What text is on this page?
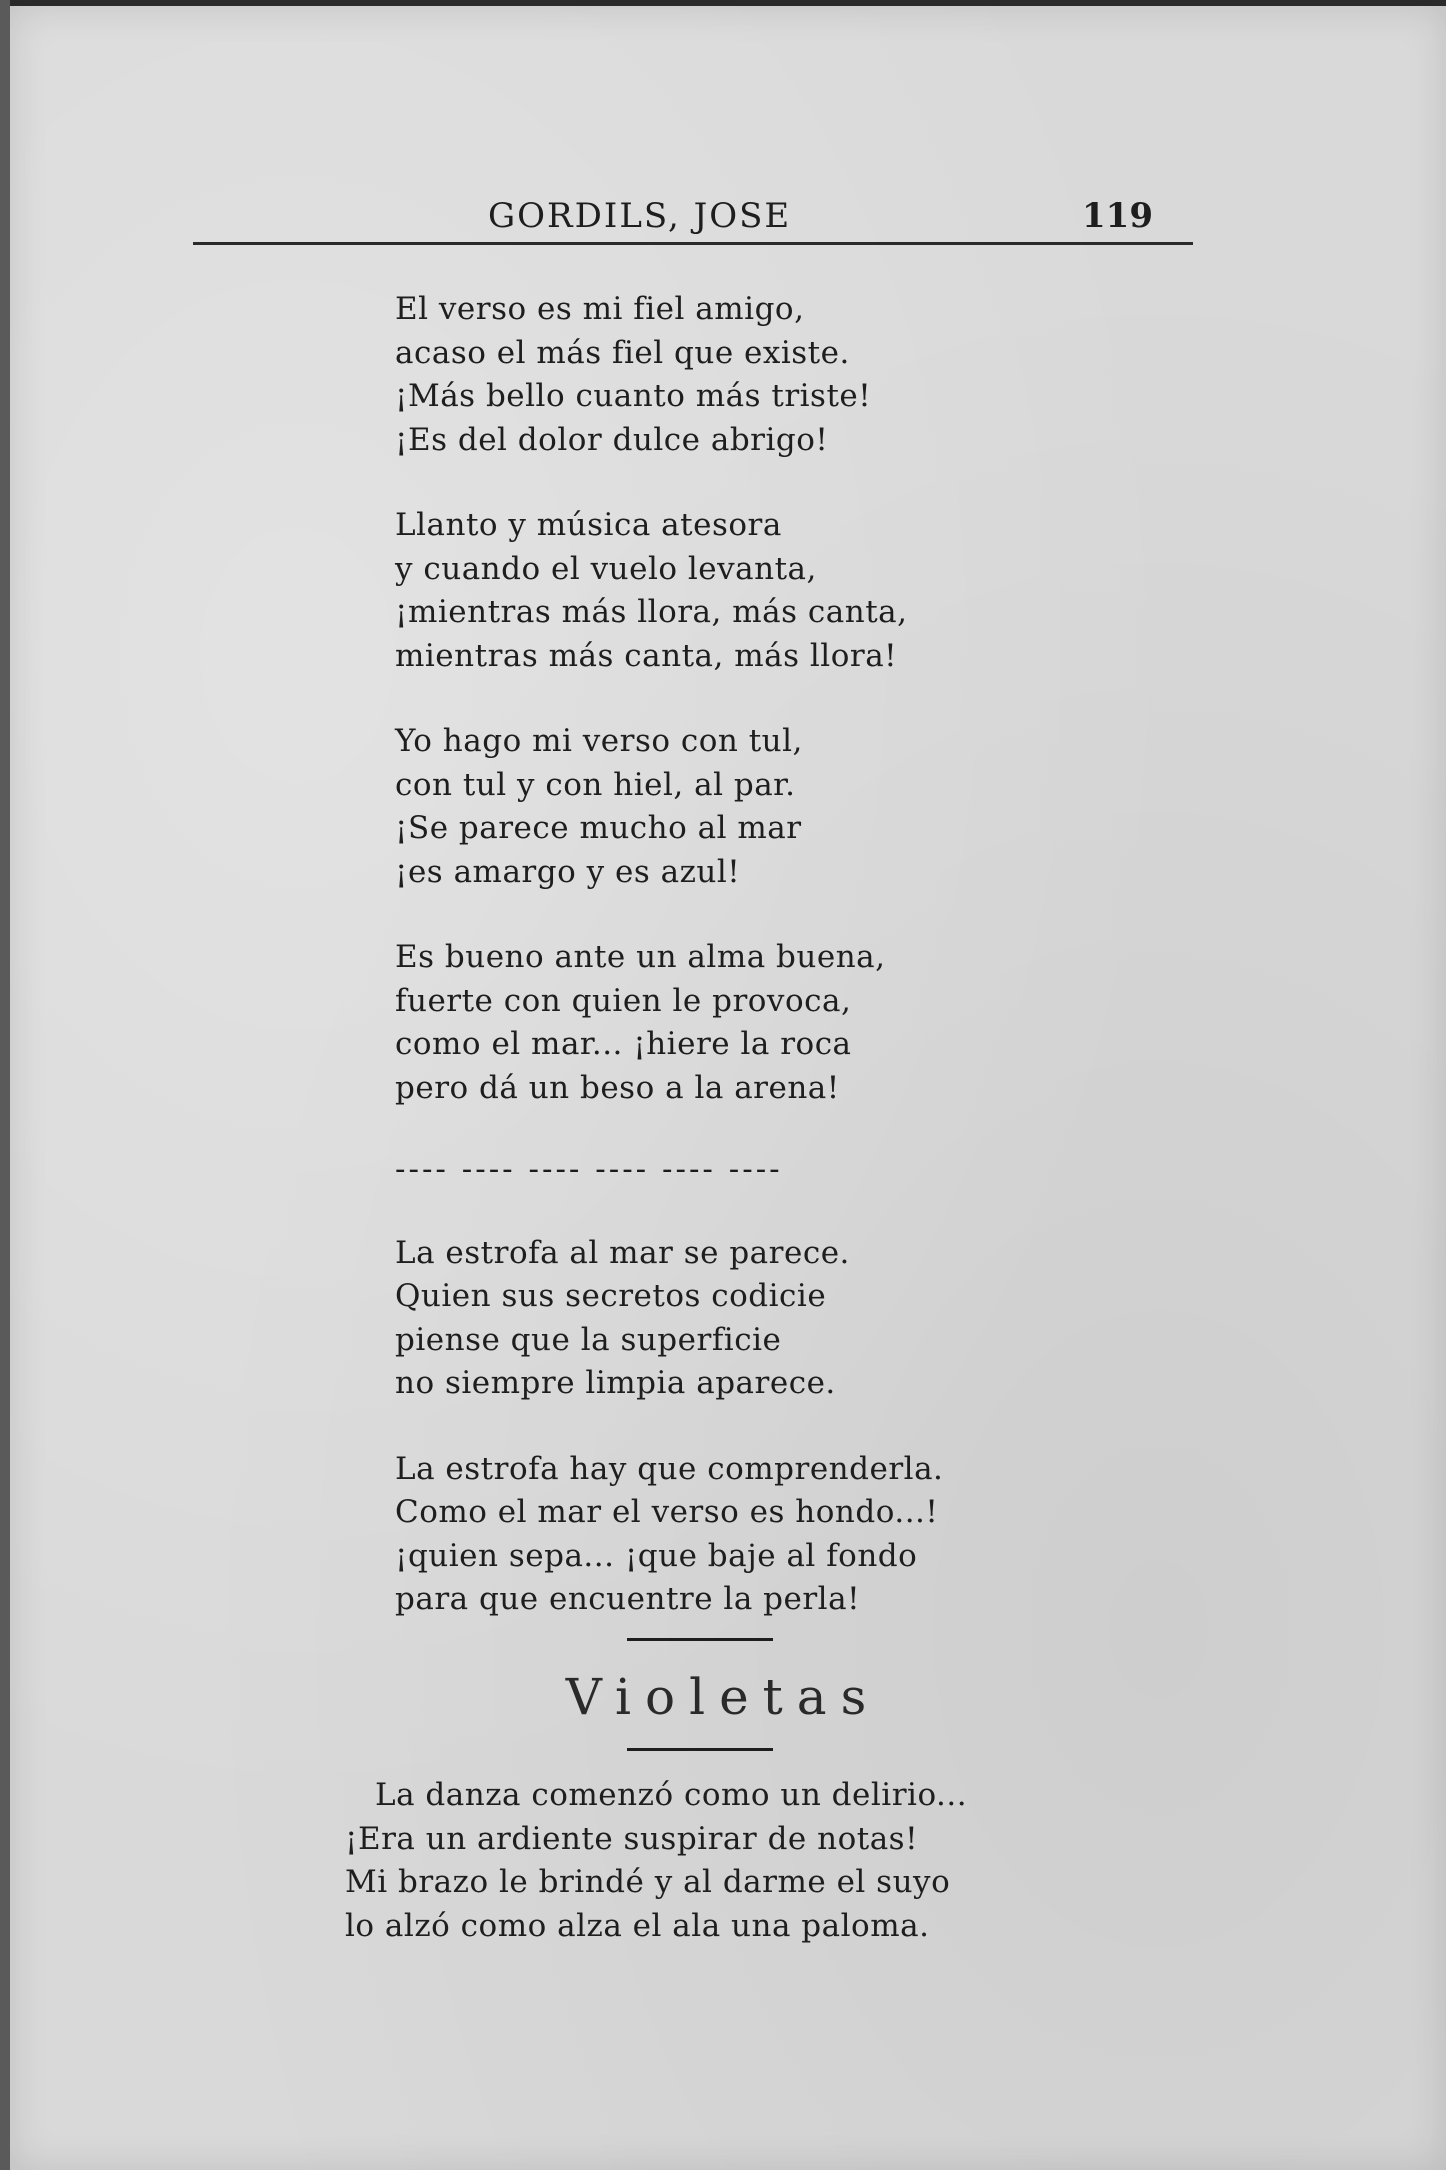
GORDILS, JOSE	119
El verso es mi fiel amigo,
acaso el más fiel que existe.
¡Más bello cuanto más triste!
¡Es del dolor dulce abrigo!
Llanto y música atesora
y cuando el vuelo levanta,
¡mientras más llora, más canta,
mientras más canta, más llora!
Yo hago mi verso con tul,
con tul y con hiel, al par.
¡Se parece mucho al mar
¡es amargo y es azul!
Es bueno ante un alma buena,
fuerte con quien le provoca,
como el mar... ¡hiere la roca
pero dá un beso a la arena!
---- ---- ---- ---- ---- ----
La estrofa al mar se parece.
Quien sus secretos codicie
piense que la superficie
no siempre limpia aparece.
La estrofa hay que comprenderla.
Como el mar el verso es hondo...!
¡quien sepa... ¡que baje al fondo
para que encuentre la perla!
Violetas
La danza comenzó como un delirio...
¡Era un ardiente suspirar de notas!
Mi brazo le brindé y al darme el suyo
lo alzó como alza el ala una paloma.
